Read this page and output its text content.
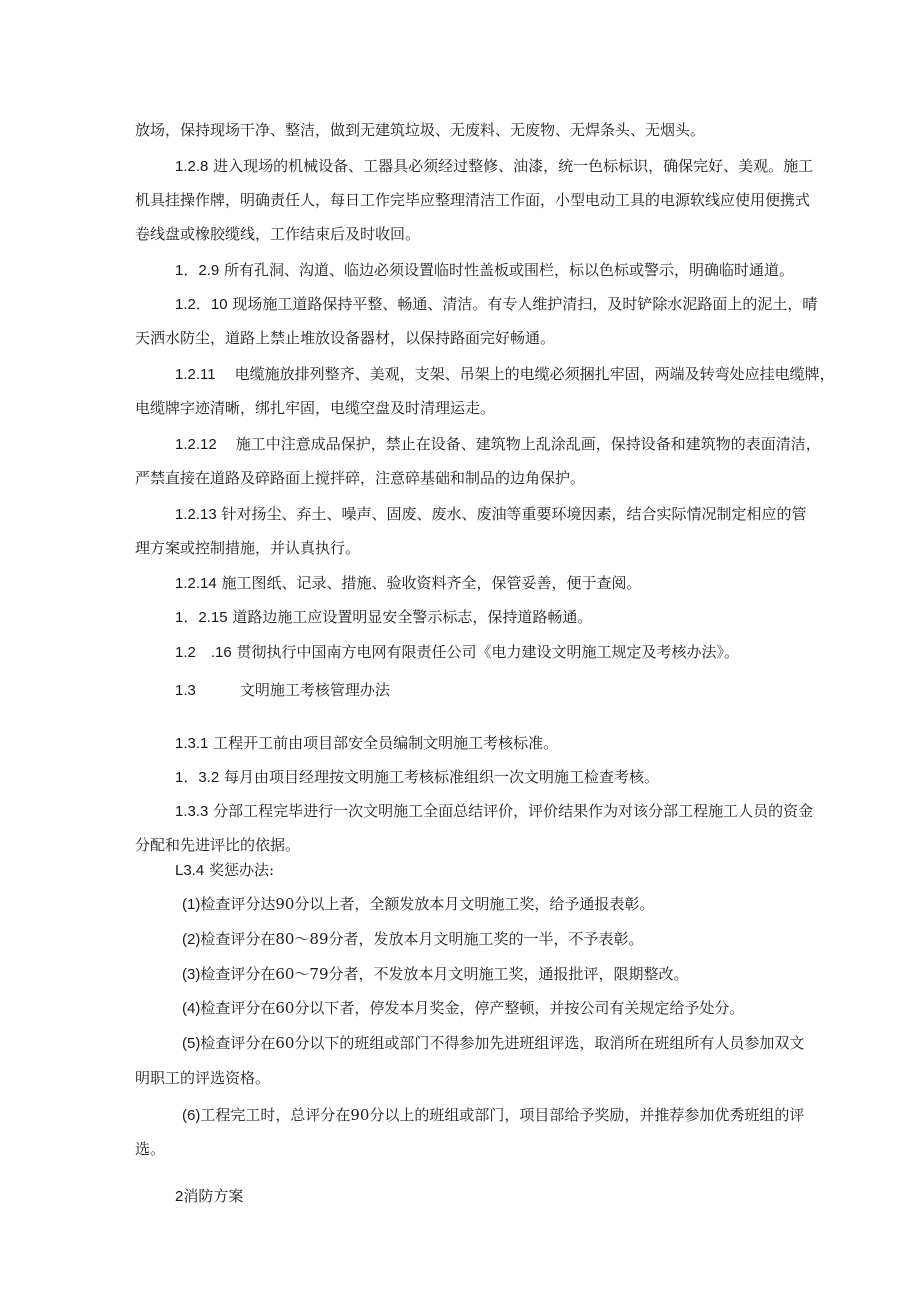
放场，保持现场干净、整洁，做到无建筑垃圾、无废料、无废物、无焊条头、无烟头。
1.2.8 进入现场的机械设备、工器具必须经过整修、油漆，统一色标标识，确保完好、美观。施工
机具挂操作牌，明确责任人，每日工作完毕应整理清洁工作面，小型电动工具的电源软线应使用便携式
卷线盘或橡胶缆线，工作结束后及时收回。
1．2.9 所有孔洞、沟道、临边必须设置临时性盖板或围栏，标以色标或警示，明确临时通道。
1.2．10 现场施工道路保持平整、畅通、清洁。有专人维护清扫，及时铲除水泥路面上的泥土，晴
天洒水防尘，道路上禁止堆放设备器材，以保持路面完好畅通。
1.2.11 电缆施放排列整齐、美观，支架、吊架上的电缆必须捆扎牢固，两端及转弯处应挂电缆牌，
电缆牌字迹清晰，绑扎牢固，电缆空盘及时清理运走。
1.2.12 施工中注意成品保护，禁止在设备、建筑物上乱涂乱画，保持设备和建筑物的表面清洁，
严禁直接在道路及碎路面上搅拌碎，注意碎基础和制品的边角保护。
1.2.13 针对扬尘、弃土、噪声、固废、废水、废油等重要环境因素，结合实际情况制定相应的管
理方案或控制措施，并认真执行。
1.2.14 施工图纸、记录、措施、验收资料齐全，保管妥善，便于查阅。
1．2.15 道路边施工应设置明显安全警示标志，保持道路畅通。
1.2　.16 贯彻执行中国南方电网有限责任公司《电力建设文明施工规定及考核办法》。
1.3	文明施工考核管理办法
1.3.1 工程开工前由项目部安全员编制文明施工考核标准。
1．3.2 每月由项目经理按文明施工考核标准组织一次文明施工检查考核。
1.3.3 分部工程完毕进行一次文明施工全面总结评价，评价结果作为对该分部工程施工人员的资金
分配和先进评比的依据。
L3.4 奖惩办法:
(1)检查评分达90分以上者，全额发放本月文明施工奖，给予通报表彰。
(2)检查评分在80～89分者，发放本月文明施工奖的一半，不予表彰。
(3)检查评分在60～79分者，不发放本月文明施工奖，通报批评，限期整改。
(4)检查评分在60分以下者，停发本月奖金，停产整顿，并按公司有关规定给予处分。
(5)检查评分在60分以下的班组或部门不得参加先进班组评选，取消所在班组所有人员参加双文
明职工的评选资格。
(6)工程完工时，总评分在90分以上的班组或部门，项目部给予奖励，并推荐参加优秀班组的评
选。
2消防方案
